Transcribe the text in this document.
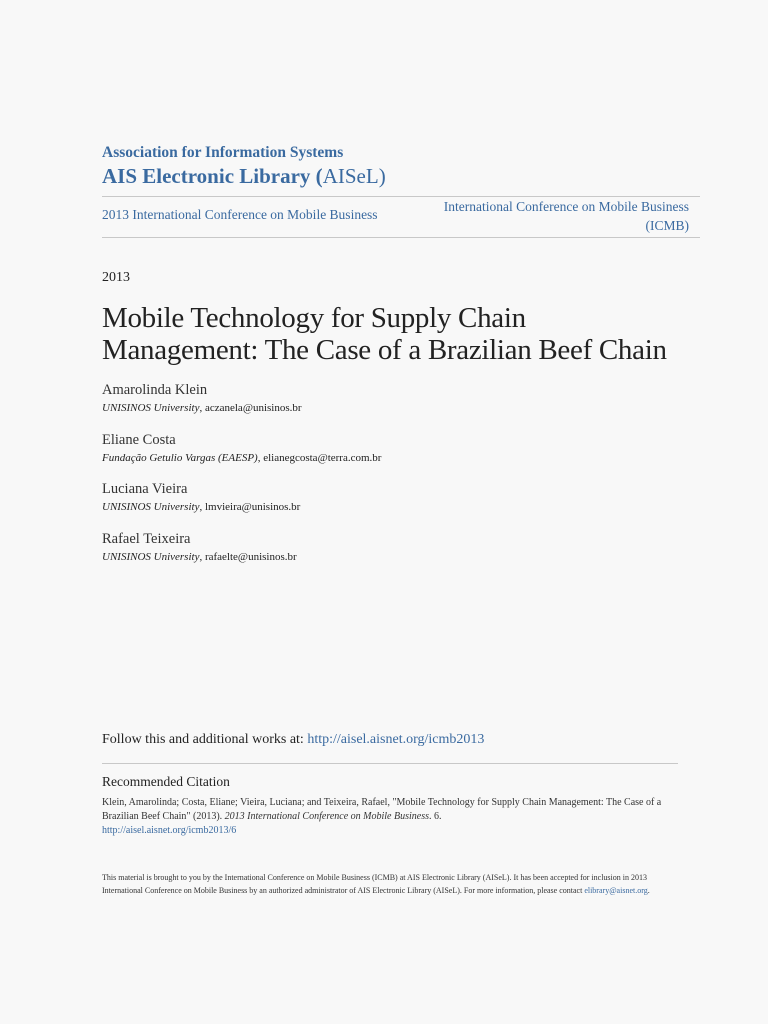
Association for Information Systems
AIS Electronic Library (AISeL)
2013 International Conference on Mobile Business
International Conference on Mobile Business
(ICMB)
2013
Mobile Technology for Supply Chain
Management: The Case of a Brazilian Beef Chain
Amarolinda Klein
UNISINOS University, aczanela@unisinos.br
Eliane Costa
Fundação Getulio Vargas (EAESP), elianegcosta@terra.com.br
Luciana Vieira
UNISINOS University, lmvieira@unisinos.br
Rafael Teixeira
UNISINOS University, rafaelte@unisinos.br
Follow this and additional works at: http://aisel.aisnet.org/icmb2013
Recommended Citation
Klein, Amarolinda; Costa, Eliane; Vieira, Luciana; and Teixeira, Rafael, "Mobile Technology for Supply Chain Management: The Case of a Brazilian Beef Chain" (2013). 2013 International Conference on Mobile Business. 6.
http://aisel.aisnet.org/icmb2013/6
This material is brought to you by the International Conference on Mobile Business (ICMB) at AIS Electronic Library (AISeL). It has been accepted for inclusion in 2013 International Conference on Mobile Business by an authorized administrator of AIS Electronic Library (AISeL). For more information, please contact elibrary@aisnet.org.
